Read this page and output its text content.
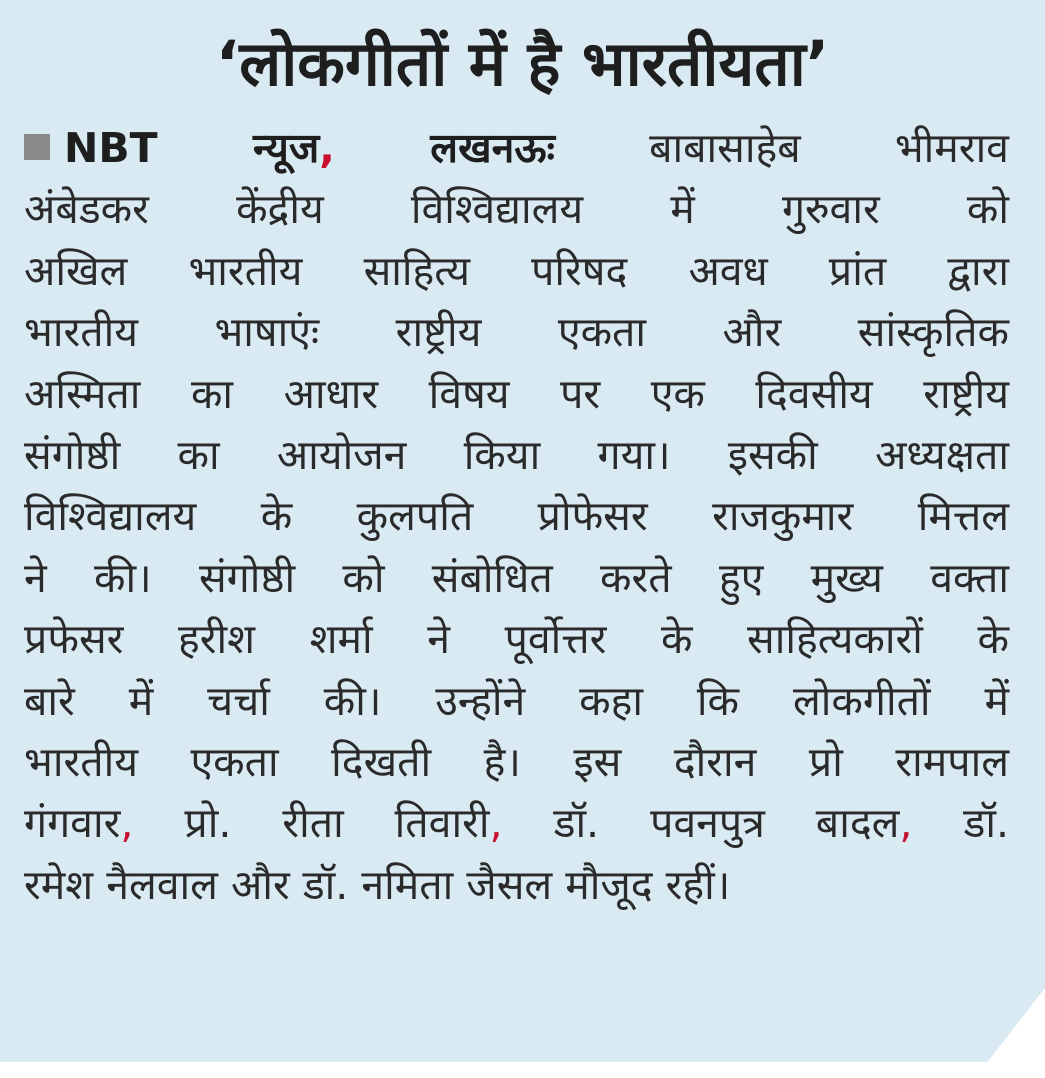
‘लोकगीतों में है भारतीयता’
NBT न्यूज, लखनऊः बाबासाहेब भीमराव
अंबेडकर केंद्रीय विश्विद्यालय में गुरुवार को
अखिल भारतीय साहित्य परिषद अवध प्रांत द्वारा
भारतीय भाषाएंः राष्ट्रीय एकता और सांस्कृतिक
अस्मिता का आधार विषय पर एक दिवसीय राष्ट्रीय
संगोष्ठी का आयोजन किया गया। इसकी अध्यक्षता
विश्विद्यालय के कुलपति प्रोफेसर राजकुमार मित्तल
ने की। संगोष्ठी को संबोधित करते हुए मुख्य वक्ता
प्रफेसर हरीश शर्मा ने पूर्वोत्तर के साहित्यकारों के
बारे में चर्चा की। उन्होंने कहा कि लोकगीतों में
भारतीय एकता दिखती है। इस दौरान प्रो रामपाल
गंगवार, प्रो. रीता तिवारी, डॉ. पवनपुत्र बादल, डॉ.
रमेश नैलवाल और डॉ. नमिता जैसल मौजूद रहीं।
